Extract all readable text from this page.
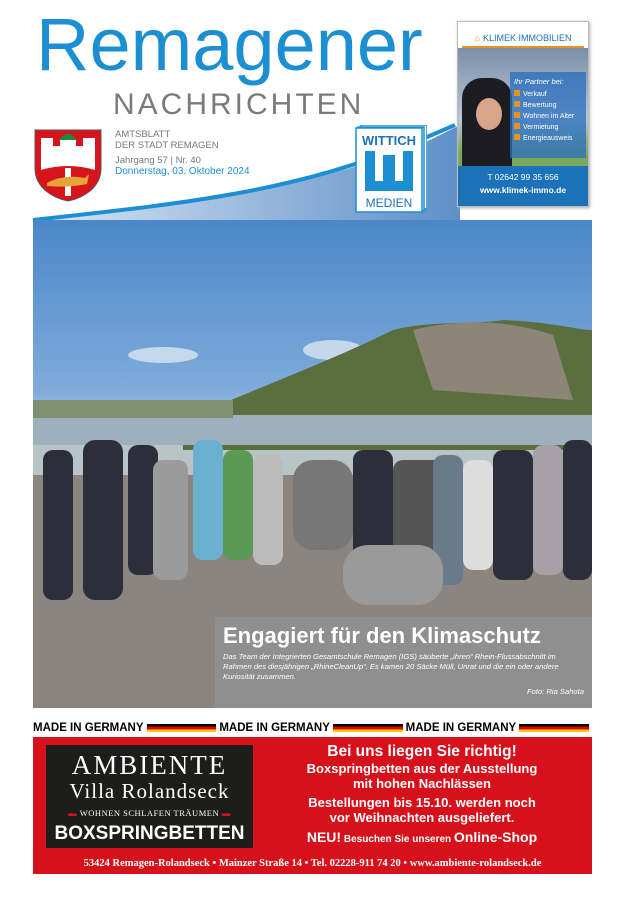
Remagener
NACHRICHTEN
AMTSBLATT
DER STADT REMAGEN
Jahrgang 57 | Nr. 40
Donnerstag, 03. Oktober 2024
WITTICH
MEDIEN
⌂ KLIMEK IMMOBILIEN
Ihr Partner bei:
Verkauf
Bewertung
Wohnen im Alter
Vermietung
Energieausweis
T 02642 99 35 656
www.klimek-immo.de
Engagiert für den Klimaschutz

Das Team der Integrierten Gesamtschule Remagen (IGS) säuberte „ihren“ Rhein-Flussabschnitt im Rahmen des diesjährigen „RhineCleanUp“. Es kamen 20 Säcke Müll, Unrat und die ein oder andere Kuriosität zusammen.

Foto: Ria Sahota
MADE IN GERMANY	MADE IN GERMANY	MADE IN GERMANY
AMBIENTE
Villa Rolandseck
▬ WOHNEN SCHLAFEN TRÄUMEN ▬
BOXSPRINGBETTEN
Bei uns liegen Sie richtig!
Boxspringbetten aus der Ausstellung
mit hohen Nachlässen
Bestellungen bis 15.10. werden noch
vor Weihnachten ausgeliefert.
NEU! Besuchen Sie unseren Online-Shop
53424 Remagen-Rolandseck • Mainzer Straße 14 • Tel. 02228-911 74 20 • www.ambiente-rolandseck.de
